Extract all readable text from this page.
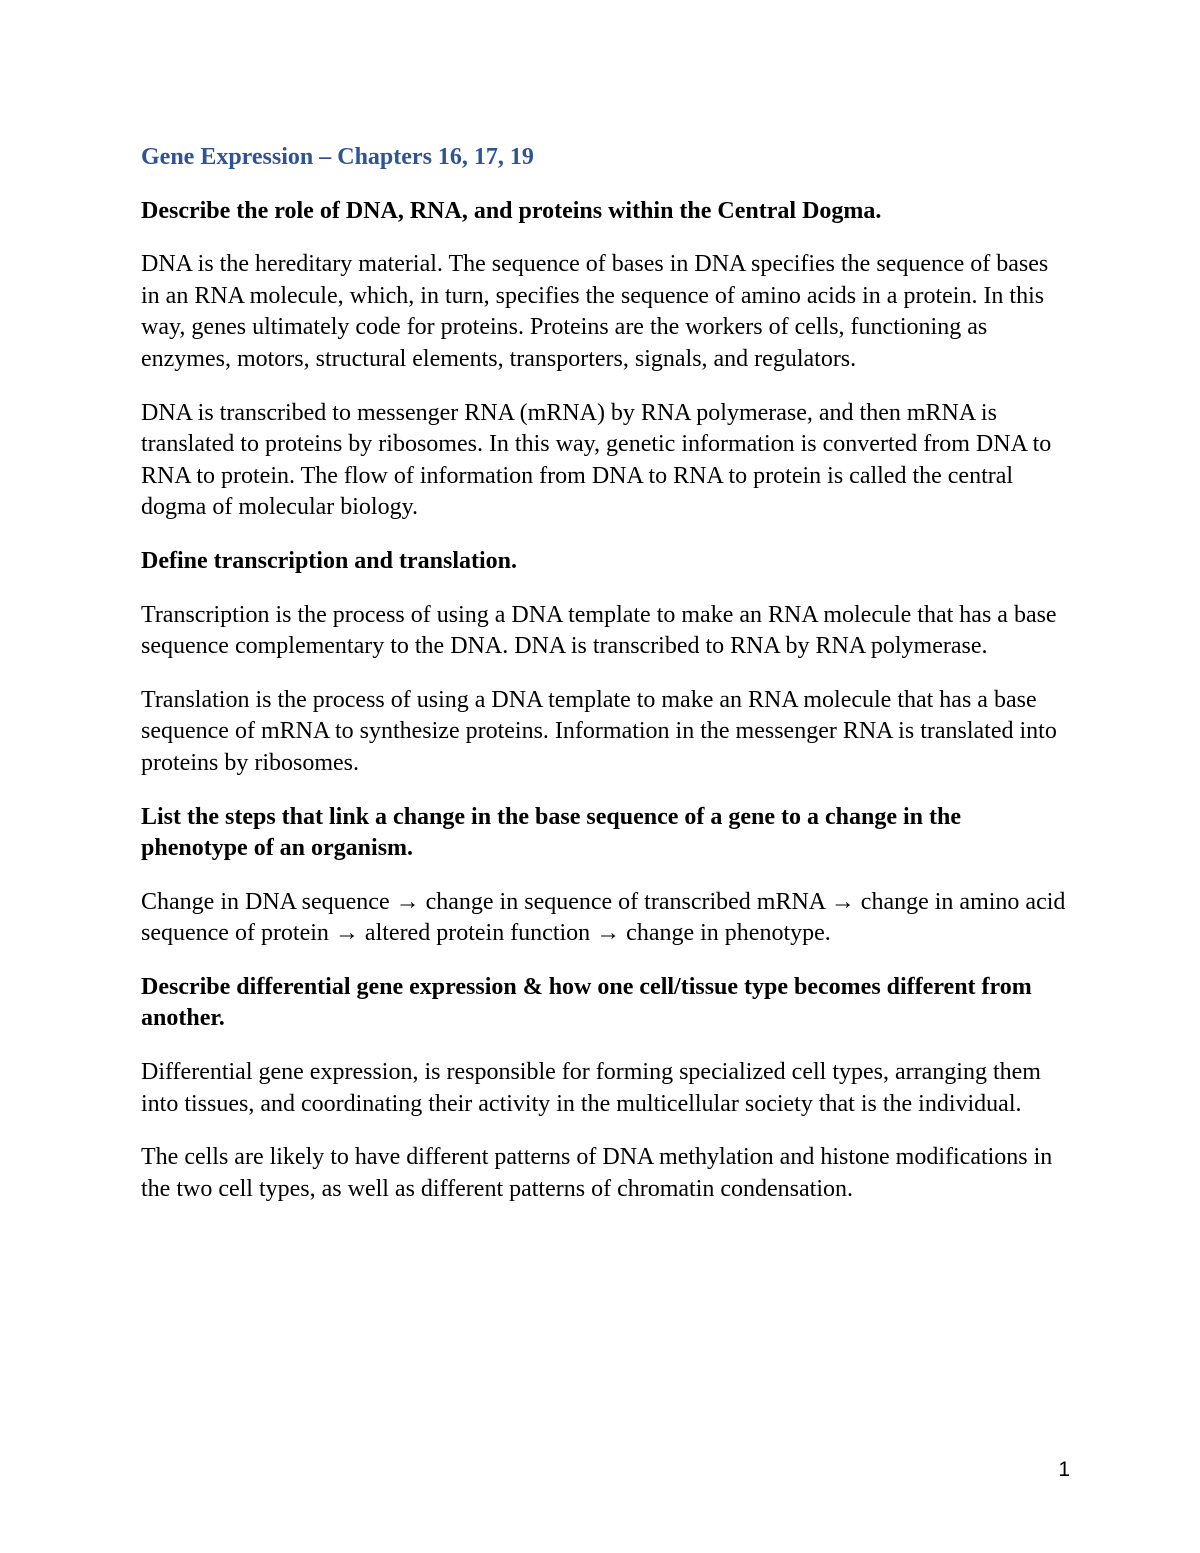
Gene Expression – Chapters 16, 17, 19

Describe the role of DNA, RNA, and proteins within the Central Dogma.

DNA is the hereditary material. The sequence of bases in DNA specifies the sequence of bases in an RNA molecule, which, in turn, specifies the sequence of amino acids in a protein. In this way, genes ultimately code for proteins. Proteins are the workers of cells, functioning as enzymes, motors, structural elements, transporters, signals, and regulators.

DNA is transcribed to messenger RNA (mRNA) by RNA polymerase, and then mRNA is translated to proteins by ribosomes. In this way, genetic information is converted from DNA to RNA to protein. The flow of information from DNA to RNA to protein is called the central dogma of molecular biology.

Define transcription and translation.

Transcription is the process of using a DNA template to make an RNA molecule that has a base sequence complementary to the DNA. DNA is transcribed to RNA by RNA polymerase.

Translation is the process of using a DNA template to make an RNA molecule that has a base sequence of mRNA to synthesize proteins. Information in the messenger RNA is translated into proteins by ribosomes.

List the steps that link a change in the base sequence of a gene to a change in the phenotype of an organism.

Change in DNA sequence → change in sequence of transcribed mRNA → change in amino acid sequence of protein → altered protein function → change in phenotype.

Describe differential gene expression & how one cell/tissue type becomes different from another.

Differential gene expression, is responsible for forming specialized cell types, arranging them into tissues, and coordinating their activity in the multicellular society that is the individual.

The cells are likely to have different patterns of DNA methylation and histone modifications in the two cell types, as well as different patterns of chromatin condensation.

1
